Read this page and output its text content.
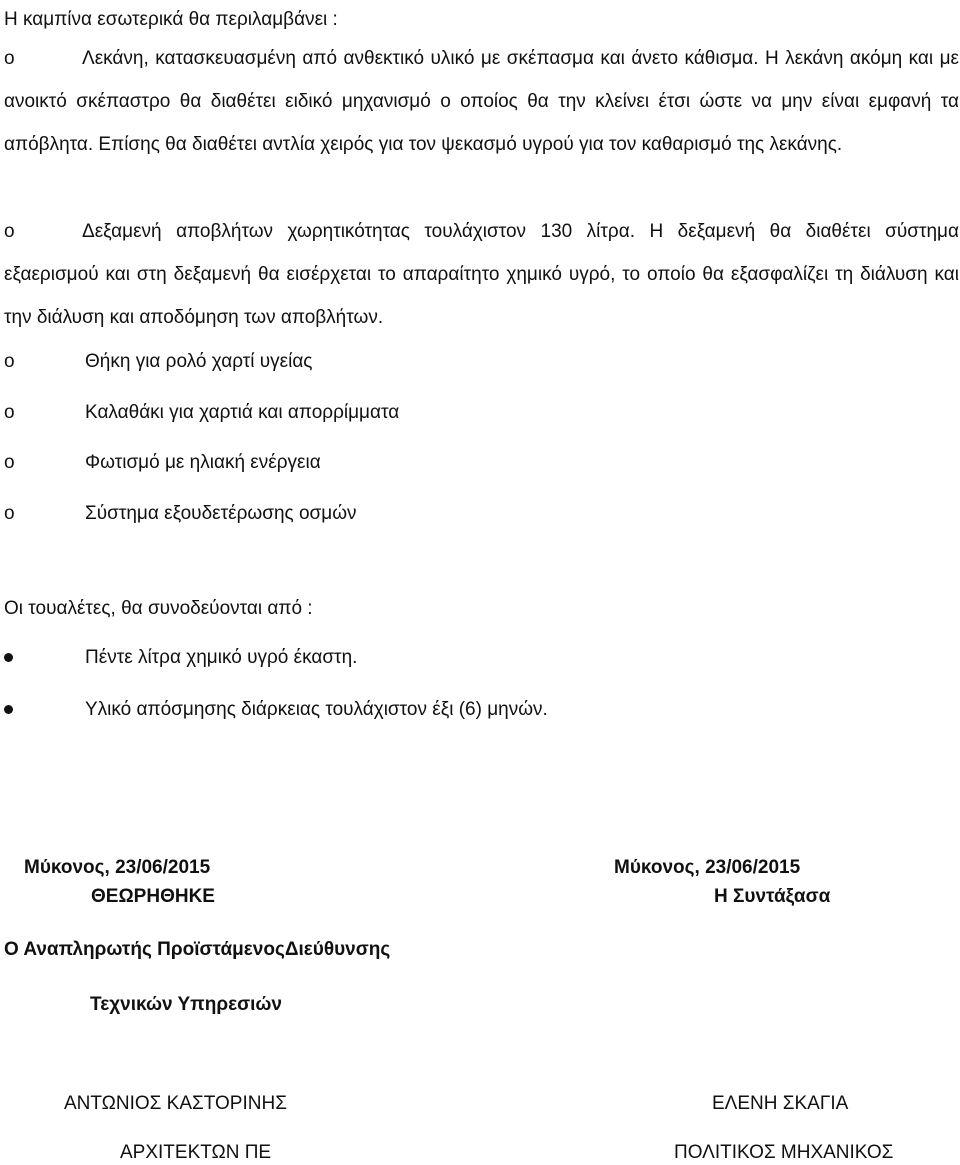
Η καμπίνα εσωτερικά θα περιλαμβάνει :
o	Λεκάνη, κατασκευασμένη από ανθεκτικό υλικό με σκέπασμα και άνετο κάθισμα. Η λεκάνη ακόμη και με ανοικτό σκέπαστρο θα διαθέτει ειδικό μηχανισμό ο οποίος θα την κλείνει έτσι ώστε να μην είναι εμφανή τα απόβλητα. Επίσης θα διαθέτει αντλία χειρός για τον ψεκασμό υγρού για τον καθαρισμό της λεκάνης.
o	Δεξαμενή αποβλήτων χωρητικότητας τουλάχιστον 130 λίτρα. Η δεξαμενή θα διαθέτει σύστημα εξαερισμού και στη δεξαμενή θα εισέρχεται το απαραίτητο χημικό υγρό, το οποίο θα εξασφαλίζει τη διάλυση και την διάλυση και αποδόμηση των αποβλήτων.
o	Θήκη για ρολό χαρτί υγείας
o	Καλαθάκι για χαρτιά και απορρίμματα
o	Φωτισμό με ηλιακή ενέργεια
o	Σύστημα εξουδετέρωσης οσμών
Οι τουαλέτες, θα συνοδεύονται από :
Πέντε λίτρα χημικό υγρό έκαστη.
Υλικό απόσμησης διάρκειας τουλάχιστον έξι (6) μηνών.
Μύκονος, 23/06/2015
ΘΕΩΡΗΘΗΚΕ
Μύκονος, 23/06/2015
Η Συντάξασα
Ο Αναπληρωτής ΠροϊστάμενοςΔιεύθυνσης
Τεχνικών Υπηρεσιών
ΑΝΤΩΝΙΟΣ ΚΑΣΤΟΡΙΝΗΣ
ΑΡΧΙΤΕΚΤΩΝ ΠΕ
ΕΛΕΝΗ ΣΚΑΓΙΑ
ΠΟΛΙΤΙΚΟΣ ΜΗΧΑΝΙΚΟΣ
